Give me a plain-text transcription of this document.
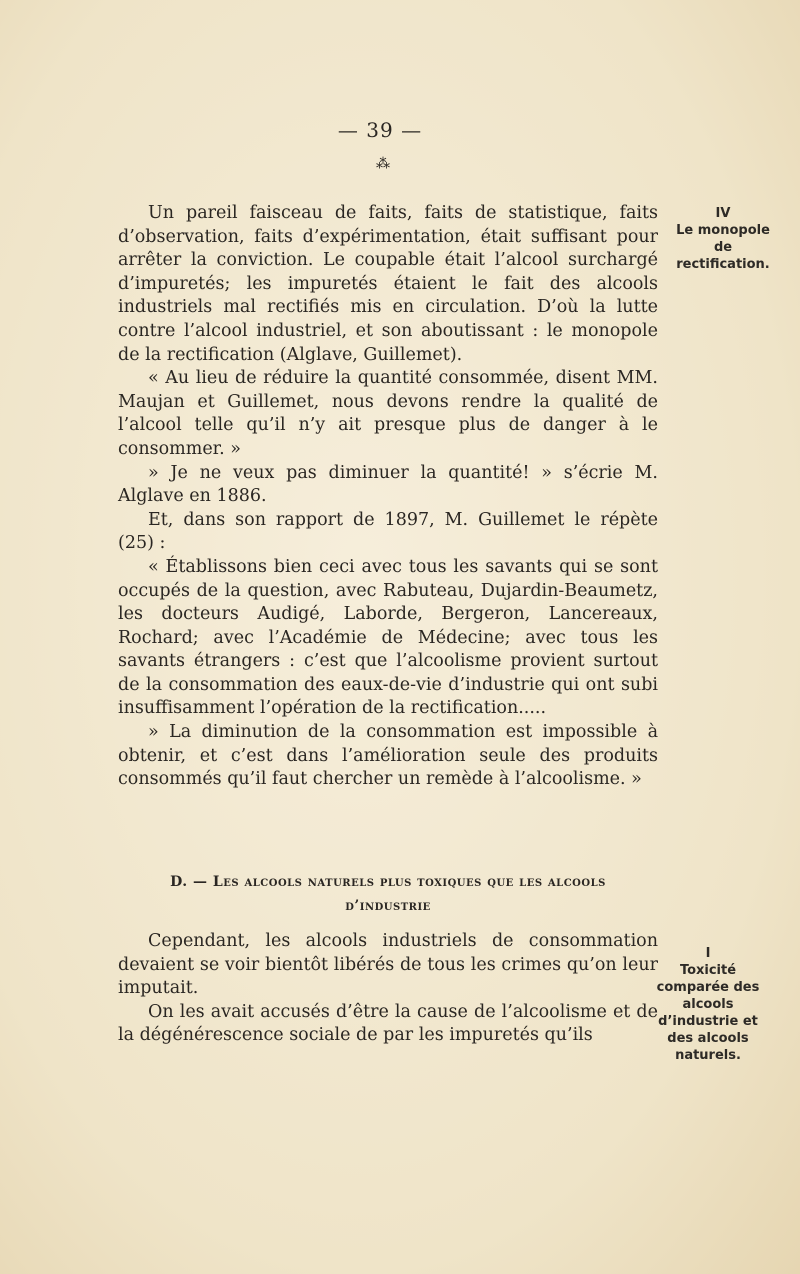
— 39 —
⁂

Un pareil faisceau de faits, faits de statistique, faits d’observation, faits d’expérimentation, était suffisant pour arrêter la conviction. Le coupable était l’alcool surchargé d’impuretés; les impuretés étaient le fait des alcools industriels mal rectifiés mis en circulation. D’où la lutte contre l’alcool industriel, et son aboutissant : le monopole de la rectification (Alglave, Guillemet).

« Au lieu de réduire la quantité consommée, disent MM. Maujan et Guillemet, nous devons rendre la qualité de l’alcool telle qu’il n’y ait presque plus de danger à le consommer. »

» Je ne veux pas diminuer la quantité! » s’écrie M. Alglave en 1886.

Et, dans son rapport de 1897, M. Guillemet le répète (25) :

« Établissons bien ceci avec tous les savants qui se sont occupés de la question, avec Rabuteau, Dujardin-Beaumetz, les docteurs Audigé, Laborde, Bergeron, Lancereaux, Rochard; avec l’Académie de Médecine; avec tous les savants étrangers : c’est que l’alcoolisme provient surtout de la consommation des eaux-de-vie d’industrie qui ont subi insuffisamment l’opération de la rectification.....

» La diminution de la consommation est impossible à obtenir, et c’est dans l’amélioration seule des produits consommés qu’il faut chercher un remède à l’alcoolisme. »

IV
Le monopole
de
rectification.
D. — Les alcools naturels plus toxiques que les alcools
d’industrie

Cependant, les alcools industriels de consommation devaient se voir bientôt libérés de tous les crimes qu’on leur imputait.

On les avait accusés d’être la cause de l’alcoolisme et de la dégénérescence sociale de par les impuretés qu’ils

I
Toxicité
comparée des
alcools
d’industrie et
des alcools
naturels.
